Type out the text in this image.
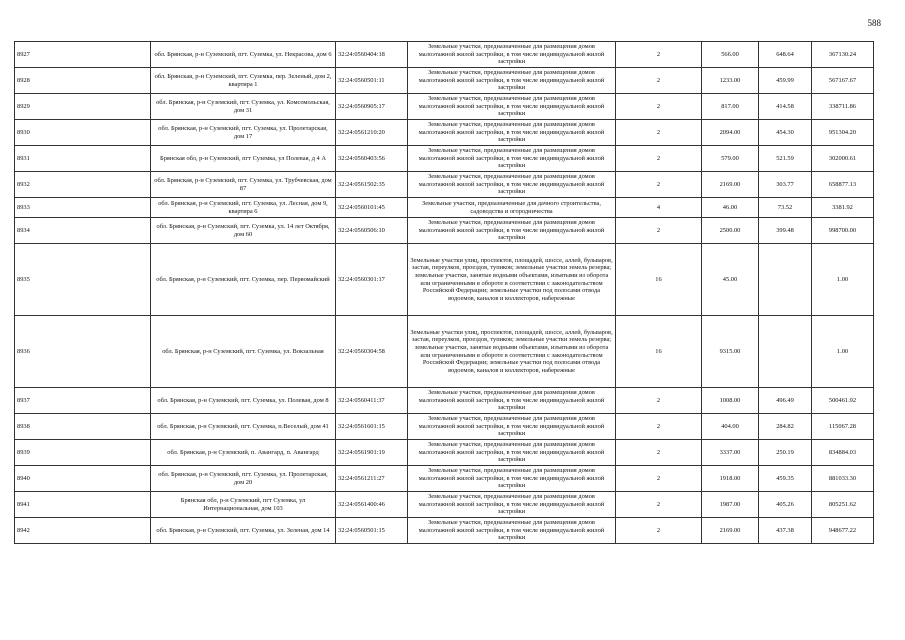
588
8927	обл. Брянская, р-н Суземский, пгт. Суземка, ул. Некрасова, дом 6	32:24:0560404:18	Земельные участки, предназначенные для размещения домов малоэтажной жилой застройки, в том числе индивидуальной жилой застройки	2	566.00	648.64	367130.24
8928	обл. Брянская, р-н Суземский, пгт. Суземка, пер. Зеленый, дом 2, квартира 1	32:24:0560501:11	Земельные участки, предназначенные для размещения домов малоэтажной жилой застройки, в том числе индивидуальной жилой застройки	2	1233.00	459.99	567167.67
8929	обл. Брянская, р-н Суземский, пгт. Суземка, ул. Комсомольская, дом 31	32:24:0560905:17	Земельные участки, предназначенные для размещения домов малоэтажной жилой застройки, в том числе индивидуальной жилой застройки	2	817.00	414.58	338711.86
8930	обл. Брянская, р-н Суземский, пгт. Суземка, ул. Пролетарская, дом 17	32:24:0561210:20	Земельные участки, предназначенные для размещения домов малоэтажной жилой застройки, в том числе индивидуальной жилой застройки	2	2094.00	454.30	951304.20
8931	Брянская обл, р-н Суземский, пгт Суземка, ул Полевая, д 4 А	32:24:0560403:56	Земельные участки, предназначенные для размещения домов малоэтажной жилой застройки, в том числе индивидуальной жилой застройки	2	579.00	521.59	302000.61
8932	обл. Брянская, р-н Суземский, пгт. Суземка, ул. Трубчевская, дом 87	32:24:0561502:35	Земельные участки, предназначенные для размещения домов малоэтажной жилой застройки, в том числе индивидуальной жилой застройки	2	2169.00	303.77	658877.13
8933	обл. Брянская, р-н Суземский, пгт. Суземка, ул. Лесная, дом 9, квартира 6	32:24:0560101:45	Земельные участки, предназначенные для дачного строительства, садоводства и огородничества	4	46.00	73.52	3381.92
8934	обл. Брянская, р-н Суземский, пгт. Суземка, ул. 14 лет Октября, дом 60	32:24:0560506:10	Земельные участки, предназначенные для размещения домов малоэтажной жилой застройки, в том числе индивидуальной жилой застройки	2	2500.00	399.48	998700.00
8935	обл. Брянская, р-н Суземский, пгт. Суземка, пер. Первомайский	32:24:0560301:17	Земельные участки улиц, проспектов, площадей, шоссе, аллей, бульваров, застав, переулков, проездов, тупиков; земельные участки земель резерва; земельные участки, занятые водными объектами, изъятыми из оборота или ограниченными в обороте в соответствии с законодательством Российской Федерации; земельные участки под полосами отвода водоемов, каналов и коллекторов, набережные	16	45.00		1.00
8936	обл. Брянская, р-н Суземский, пгт. Суземка, ул. Вокзальная	32:24:0560304:58	Земельные участки улиц, проспектов, площадей, шоссе, аллей, бульваров, застав, переулков, проездов, тупиков; земельные участки земель резерва; земельные участки, занятые водными объектами, изъятыми из оборота или ограниченными в обороте в соответствии с законодательством Российской Федерации; земельные участки под полосами отвода водоемов, каналов и коллекторов, набережные	16	9315.00		1.00
8937	обл. Брянская, р-н Суземский, пгт. Суземка, ул. Полевая, дом 8	32:24:0560411:37	Земельные участки, предназначенные для размещения домов малоэтажной жилой застройки, в том числе индивидуальной жилой застройки	2	1008.00	496.49	500461.92
8938	обл. Брянская, р-н Суземский, пгт. Суземка, п.Веселый, дом 41	32:24:0561601:15	Земельные участки, предназначенные для размещения домов малоэтажной жилой застройки, в том числе индивидуальной жилой застройки	2	404.00	284.82	115067.28
8939	обл. Брянская, р-н Суземский, п. Авангард, п. Авангард	32:24:0561901:19	Земельные участки, предназначенные для размещения домов малоэтажной жилой застройки, в том числе индивидуальной жилой застройки	2	3337.00	250.19	834884.03
8940	обл. Брянская, р-н Суземский, пгт. Суземка, ул. Пролетарская, дом 20	32:24:0561211:27	Земельные участки, предназначенные для размещения домов малоэтажной жилой застройки, в том числе индивидуальной жилой застройки	2	1918.00	459.35	881033.30
8941	Брянская обл, р-н Суземский, пгт Суземка, ул Интернациональная, дом 103	32:24:0561400:46	Земельные участки, предназначенные для размещения домов малоэтажной жилой застройки, в том числе индивидуальной жилой застройки	2	1987.00	405.26	805251.62
8942	обл. Брянская, р-н Суземский, пгт. Суземка, ул. Зеленая, дом 14	32:24:0560501:15	Земельные участки, предназначенные для размещения домов малоэтажной жилой застройки, в том числе индивидуальной жилой застройки	2	2169.00	437.38	948677.22
